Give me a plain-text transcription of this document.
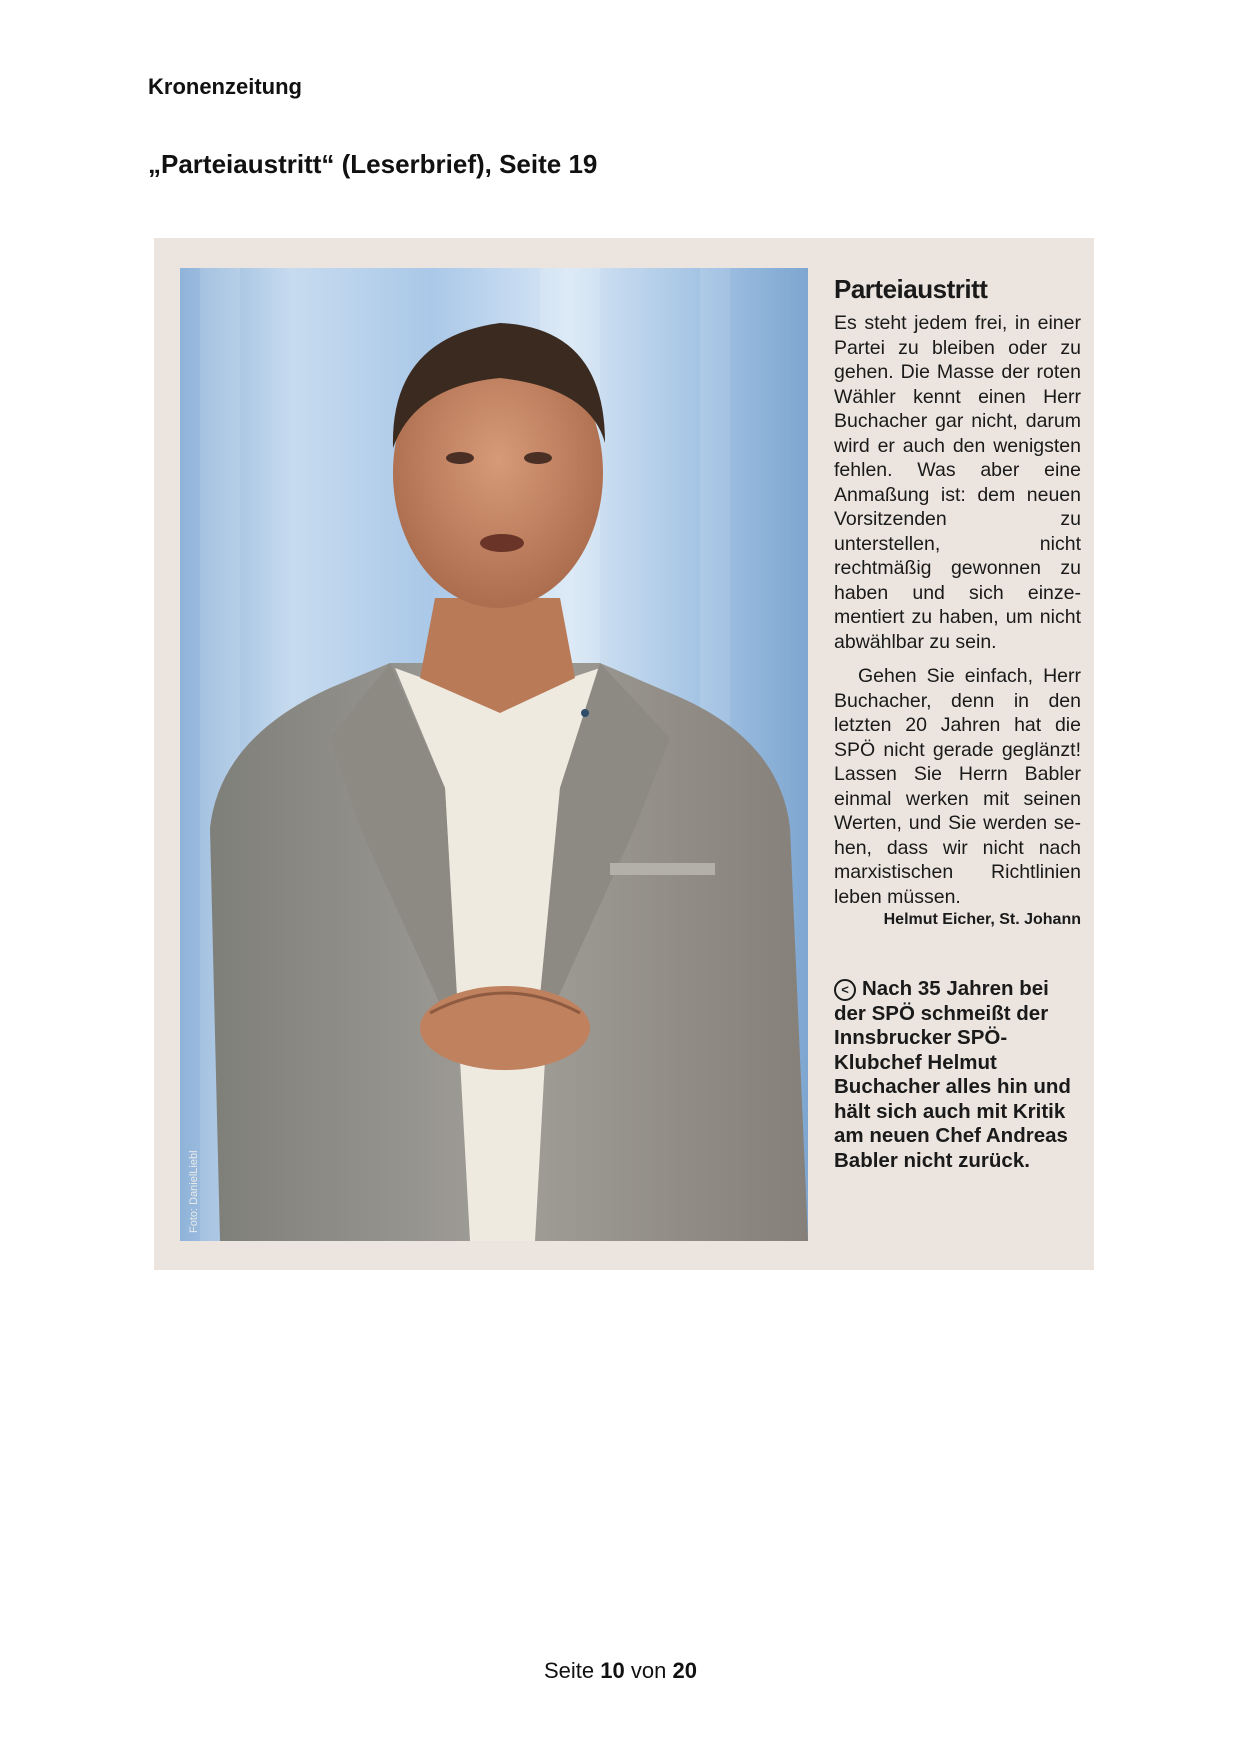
Kronenzeitung
„Parteiaustritt“ (Leserbrief), Seite 19
Foto: DanielLiebl
Parteiaustritt

Es steht jedem frei, in einer Partei zu bleiben oder zu gehen. Die Masse der roten Wähler kennt einen Herr Buchacher gar nicht, darum wird er auch den wenigsten fehlen. Was aber eine Anmaßung ist: dem neuen Vorsitzenden zu unterstellen, nicht rechtmäßig gewonnen zu haben und sich einzementiert zu haben, um nicht abwählbar zu sein.

Gehen Sie einfach, Herr Buchacher, denn in den letzten 20 Jahren hat die SPÖ nicht gerade geglänzt! Lassen Sie Herrn Babler einmal werken mit seinen Werten, und Sie werden sehen, dass wir nicht nach marxistischen Richtlinien leben müssen.

Helmut Eicher, St. Johann
< Nach 35 Jahren bei der SPÖ schmeißt der Innsbrucker SPÖ-Klubchef Helmut Buchacher alles hin und hält sich auch mit Kritik am neuen Chef Andreas Babler nicht zurück.
Seite 10 von 20
